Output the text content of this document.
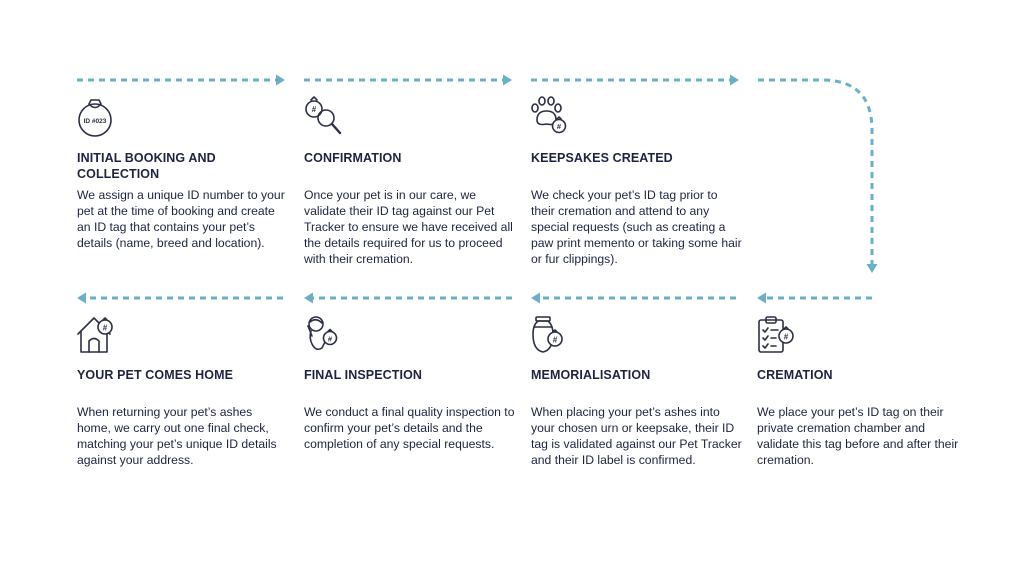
ID #023
INITIAL BOOKING AND
COLLECTION

We assign a unique ID number to your pet at the time of booking and create an ID tag that contains your pet’s details (name, breed and location).

#
CONFIRMATION

Once your pet is in our care, we validate their ID tag against our Pet Tracker to ensure we have received all the details required for us to proceed with their cremation.

#
KEEPSAKES CREATED

We check your pet’s ID tag prior to their cremation and attend to any special requests (such as creating a paw print memento or taking some hair or fur clippings).

#
CREMATION

We place your pet’s ID tag on their private cremation chamber and validate this tag before and after their cremation.

#
MEMORIALISATION

When placing your pet’s ashes into your chosen urn or keepsake, their ID tag is validated against our Pet Tracker and their ID label is confirmed.

#
FINAL INSPECTION

We conduct a final quality inspection to confirm your pet’s details and the completion of any special requests.

#
YOUR PET COMES HOME

When returning your pet’s ashes home, we carry out one final check, matching your pet’s unique ID details against your address.
